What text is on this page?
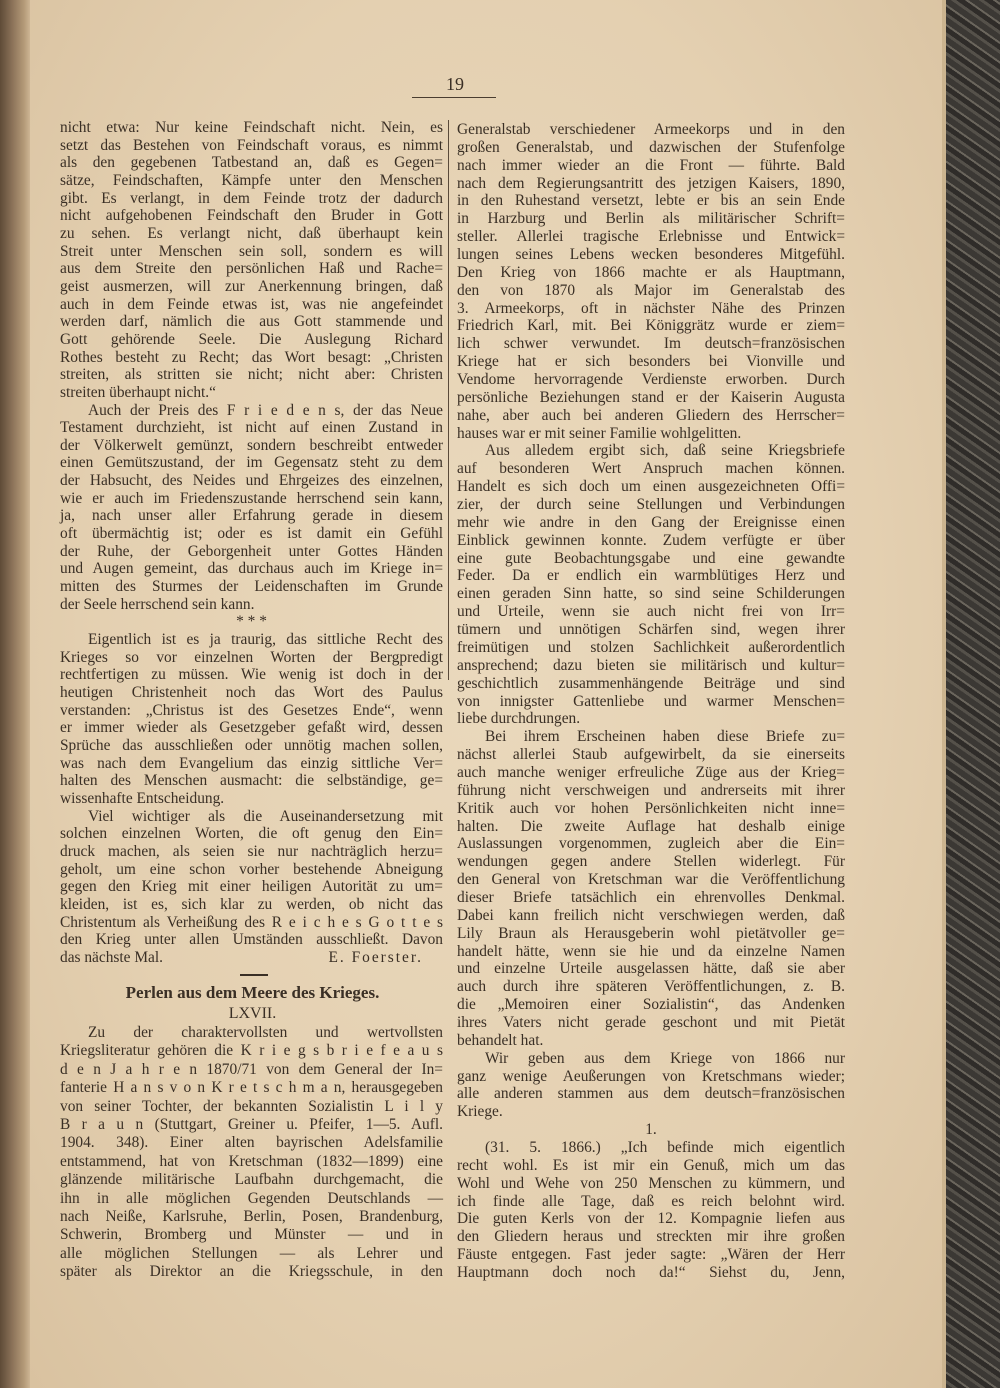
19
nicht etwa: Nur keine Feindschaft nicht. Nein, es
setzt das Bestehen von Feindschaft voraus, es nimmt
als den gegebenen Tatbestand an, daß es Gegen=
sätze, Feindschaften, Kämpfe unter den Menschen
gibt. Es verlangt, in dem Feinde trotz der dadurch
nicht aufgehobenen Feindschaft den Bruder in Gott
zu sehen. Es verlangt nicht, daß überhaupt kein
Streit unter Menschen sein soll, sondern es will
aus dem Streite den persönlichen Haß und Rache=
geist ausmerzen, will zur Anerkennung bringen, daß
auch in dem Feinde etwas ist, was nie angefeindet
werden darf, nämlich die aus Gott stammende und
Gott gehörende Seele. Die Auslegung Richard
Rothes besteht zu Recht; das Wort besagt: „Christen
streiten, als stritten sie nicht; nicht aber: Christen
streiten überhaupt nicht.“
Auch der Preis des F r i e d e n s, der das Neue
Testament durchzieht, ist nicht auf einen Zustand in
der Völkerwelt gemünzt, sondern beschreibt entweder
einen Gemütszustand, der im Gegensatz steht zu dem
der Habsucht, des Neides und Ehrgeizes des einzelnen,
wie er auch im Friedenszustande herrschend sein kann,
ja, nach unser aller Erfahrung gerade in diesem
oft übermächtig ist; oder es ist damit ein Gefühl
der Ruhe, der Geborgenheit unter Gottes Händen
und Augen gemeint, das durchaus auch im Kriege in=
mitten des Sturmes der Leidenschaften im Grunde
der Seele herrschend sein kann.
* * *
Eigentlich ist es ja traurig, das sittliche Recht des
Krieges so vor einzelnen Worten der Bergpredigt
rechtfertigen zu müssen. Wie wenig ist doch in der
heutigen Christenheit noch das Wort des Paulus
verstanden: „Christus ist des Gesetzes Ende“, wenn
er immer wieder als Gesetzgeber gefaßt wird, dessen
Sprüche das ausschließen oder unnötig machen sollen,
was nach dem Evangelium das einzig sittliche Ver=
halten des Menschen ausmacht: die selbständige, ge=
wissenhafte Entscheidung.
Viel wichtiger als die Auseinandersetzung mit
solchen einzelnen Worten, die oft genug den Ein=
druck machen, als seien sie nur nachträglich herzu=
geholt, um eine schon vorher bestehende Abneigung
gegen den Krieg mit einer heiligen Autorität zu um=
kleiden, ist es, sich klar zu werden, ob nicht das
Christentum als Verheißung des R e i c h e s G o t t e s
den Krieg unter allen Umständen ausschließt. Davon
E. Foerster.
das nächste Mal.
Perlen aus dem Meere des Krieges.
LXVII.
Zu der charaktervollsten und wertvollsten
Kriegsliteratur gehören die K r i e g s b r i e f e a u s
d e n J a h r e n 1870/71 von dem General der In=
fanterie H a n s v o n K r e t s c h m a n, herausgegeben
von seiner Tochter, der bekannten Sozialistin L i l y
B r a u n (Stuttgart, Greiner u. Pfeifer, 1—5. Aufl.
1904. 348). Einer alten bayrischen Adelsfamilie
entstammend, hat von Kretschman (1832—1899) eine
glänzende militärische Laufbahn durchgemacht, die
ihn in alle möglichen Gegenden Deutschlands —
nach Neiße, Karlsruhe, Berlin, Posen, Brandenburg,
Schwerin, Bromberg und Münster — und in
alle möglichen Stellungen — als Lehrer und
später als Direktor an die Kriegsschule, in den
Generalstab verschiedener Armeekorps und in den
großen Generalstab, und dazwischen der Stufenfolge
nach immer wieder an die Front — führte. Bald
nach dem Regierungsantritt des jetzigen Kaisers, 1890,
in den Ruhestand versetzt, lebte er bis an sein Ende
in Harzburg und Berlin als militärischer Schrift=
steller. Allerlei tragische Erlebnisse und Entwick=
lungen seines Lebens wecken besonderes Mitgefühl.
Den Krieg von 1866 machte er als Hauptmann,
den von 1870 als Major im Generalstab des
3. Armeekorps, oft in nächster Nähe des Prinzen
Friedrich Karl, mit. Bei Königgrätz wurde er ziem=
lich schwer verwundet. Im deutsch=französischen
Kriege hat er sich besonders bei Vionville und
Vendome hervorragende Verdienste erworben. Durch
persönliche Beziehungen stand er der Kaiserin Augusta
nahe, aber auch bei anderen Gliedern des Herrscher=
hauses war er mit seiner Familie wohlgelitten.
Aus alledem ergibt sich, daß seine Kriegsbriefe
auf besonderen Wert Anspruch machen können.
Handelt es sich doch um einen ausgezeichneten Offi=
zier, der durch seine Stellungen und Verbindungen
mehr wie andre in den Gang der Ereignisse einen
Einblick gewinnen konnte. Zudem verfügte er über
eine gute Beobachtungsgabe und eine gewandte
Feder. Da er endlich ein warmblütiges Herz und
einen geraden Sinn hatte, so sind seine Schilderungen
und Urteile, wenn sie auch nicht frei von Irr=
tümern und unnötigen Schärfen sind, wegen ihrer
freimütigen und stolzen Sachlichkeit außerordentlich
ansprechend; dazu bieten sie militärisch und kultur=
geschichtlich zusammenhängende Beiträge und sind
von innigster Gattenliebe und warmer Menschen=
liebe durchdrungen.
Bei ihrem Erscheinen haben diese Briefe zu=
nächst allerlei Staub aufgewirbelt, da sie einerseits
auch manche weniger erfreuliche Züge aus der Krieg=
führung nicht verschweigen und andrerseits mit ihrer
Kritik auch vor hohen Persönlichkeiten nicht inne=
halten. Die zweite Auflage hat deshalb einige
Auslassungen vorgenommen, zugleich aber die Ein=
wendungen gegen andere Stellen widerlegt. Für
den General von Kretschman war die Veröffentlichung
dieser Briefe tatsächlich ein ehrenvolles Denkmal.
Dabei kann freilich nicht verschwiegen werden, daß
Lily Braun als Herausgeberin wohl pietätvoller ge=
handelt hätte, wenn sie hie und da einzelne Namen
und einzelne Urteile ausgelassen hätte, daß sie aber
auch durch ihre späteren Veröffentlichungen, z. B.
die „Memoiren einer Sozialistin“, das Andenken
ihres Vaters nicht gerade geschont und mit Pietät
behandelt hat.
Wir geben aus dem Kriege von 1866 nur
ganz wenige Aeußerungen von Kretschmans wieder;
alle anderen stammen aus dem deutsch=französischen
Kriege.
1.
(31. 5. 1866.) „Ich befinde mich eigentlich
recht wohl. Es ist mir ein Genuß, mich um das
Wohl und Wehe von 250 Menschen zu kümmern, und
ich finde alle Tage, daß es reich belohnt wird.
Die guten Kerls von der 12. Kompagnie liefen aus
den Gliedern heraus und streckten mir ihre großen
Fäuste entgegen. Fast jeder sagte: „Wären der Herr
Hauptmann doch noch da!“ Siehst du, Jenn,
